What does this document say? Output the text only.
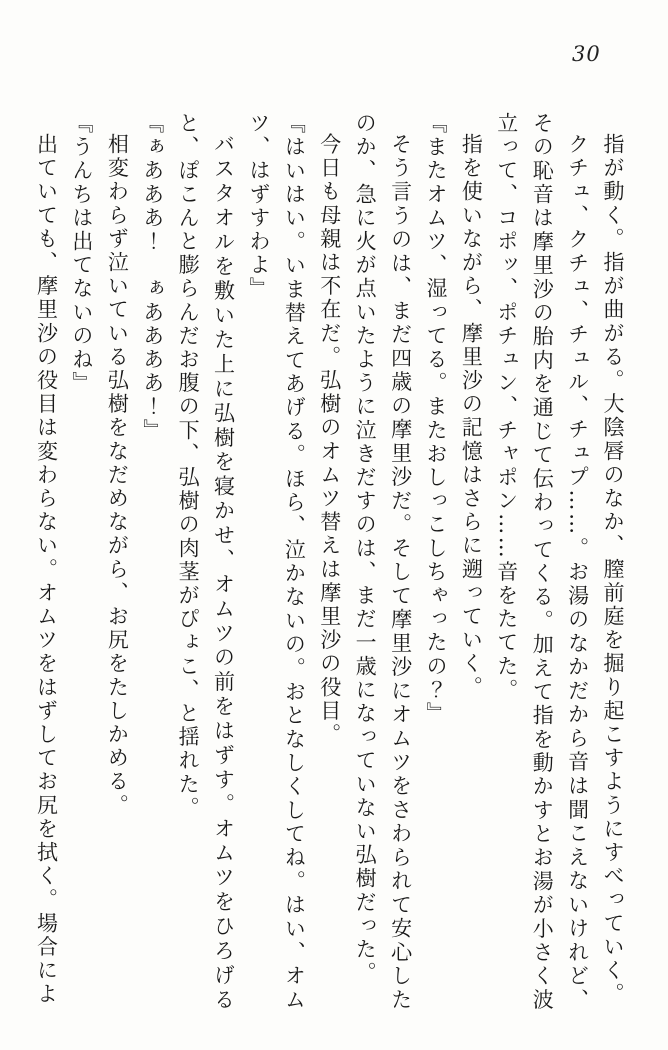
30

指が動く。指が曲がる。大陰唇のなか、膣前庭を掘り起こすようにすべっていく。

クチュ、クチュ、チュル、チュプ……。お湯のなかだから音は聞こえないけれど、その恥音は摩里沙の胎内を通じて伝わってくる。加えて指を動かすとお湯が小さく波立って、コポッ、ポチュン、チャポン……音をたてた。

指を使いながら、摩里沙の記憶はさらに遡っていく。

『またオムツ、湿ってる。またおしっこしちゃったの？』

そう言うのは、まだ四歳の摩里沙だ。そして摩里沙にオムツをさわられて安心したのか、急に火が点いたように泣きだすのは、まだ一歳になっていない弘樹だった。

今日も母親は不在だ。弘樹のオムツ替えは摩里沙の役目。

『はいはい。いま替えてあげる。ほら、泣かないの。おとなしくしてね。はい、オムツ、はずすわよ』

バスタオルを敷いた上に弘樹を寝かせ、オムツの前をはずす。オムツをひろげると、ぽこんと膨らんだお腹の下、弘樹の肉茎がぴょこ、と揺れた。

『ぁあああ！　ぁああああ！』

相変わらず泣いている弘樹をなだめながら、お尻をたしかめる。

『うんちは出てないのね』

出ていても、摩里沙の役目は変わらない。オムツをはずしてお尻を拭く。場合によ
